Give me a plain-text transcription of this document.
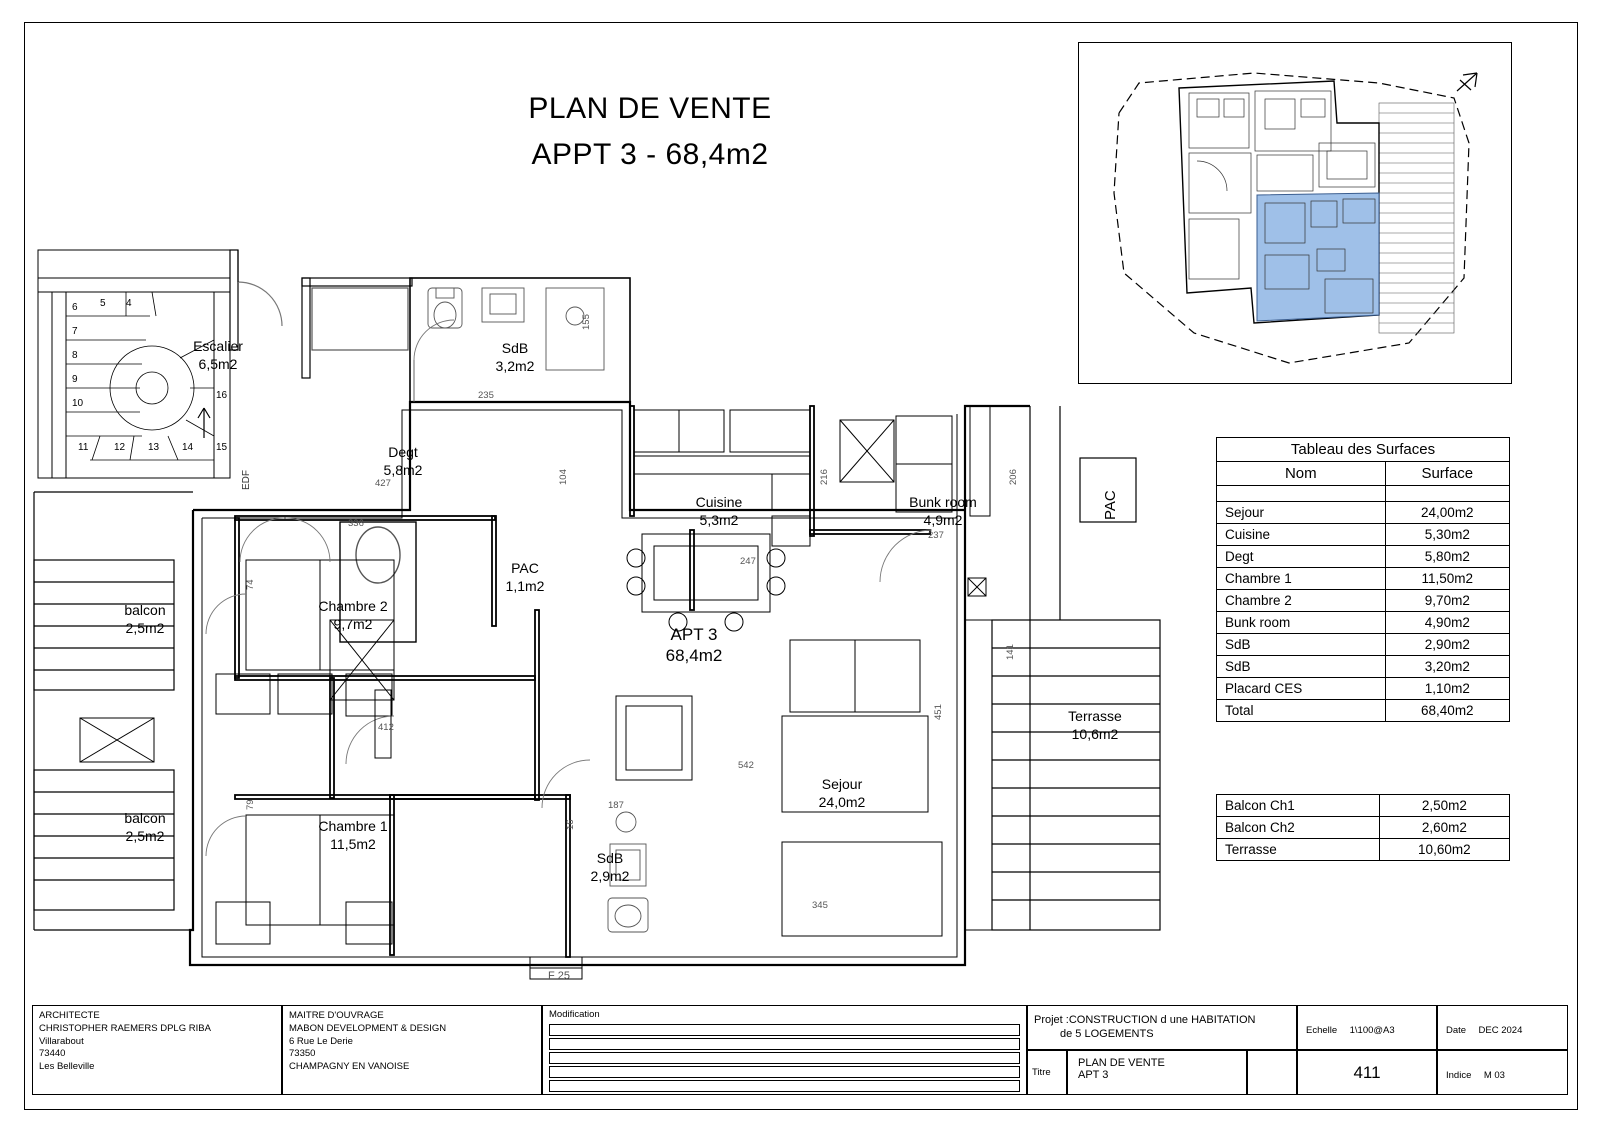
PLAN DE VENTE
APPT 3 - 68,4m2
Tableau des Surfaces	
Nom	Surface

Sejour	24,00m2
Cuisine	5,30m2
Degt	5,80m2
Chambre 1	11,50m2
Chambre 2	9,70m2
Bunk room	4,90m2
SdB	2,90m2
SdB	3,20m2
Placard CES	1,10m2
Total	68,40m2
Balcon Ch1	2,50m2
Balcon Ch2	2,60m2
Terrasse	10,60m2
Escalier
6,5m2
SdB
3,2m2
Degt
5,8m2
Cuisine
5,3m2
Bunk room
4,9m2
PAC
1,1m2
Chambre 2
9,7m2
Chambre 1
11,5m2
SdB
2,9m2
Sejour
24,0m2
balcon
2,5m2
balcon
2,5m2
Terrasse
10,6m2
APT 3
68,4m2
PAC
EDF
F 25
336
427
412
542
187
345
235
247
237
104	216	206
155
451
141
16
74
79
4
5
6
7
8
9
10
11	12 13 14 15
16
ARCHITECTE
CHRISTOPHER RAEMERS DPLG RIBA
Villarabout
73440
Les Belleville
MAITRE D'OUVRAGE
MABON DEVELOPMENT & DESIGN
6 Rue Le Derie
73350
CHAMPAGNY EN VANOISE
Modification	Projet :CONSTRUCTION d une HABITATION
de 5 LOGEMENTS
Titre
PLAN DE VENTE
APT 3
Echelle 1\100@A3
411
Date DEC 2024
Indice M 03
